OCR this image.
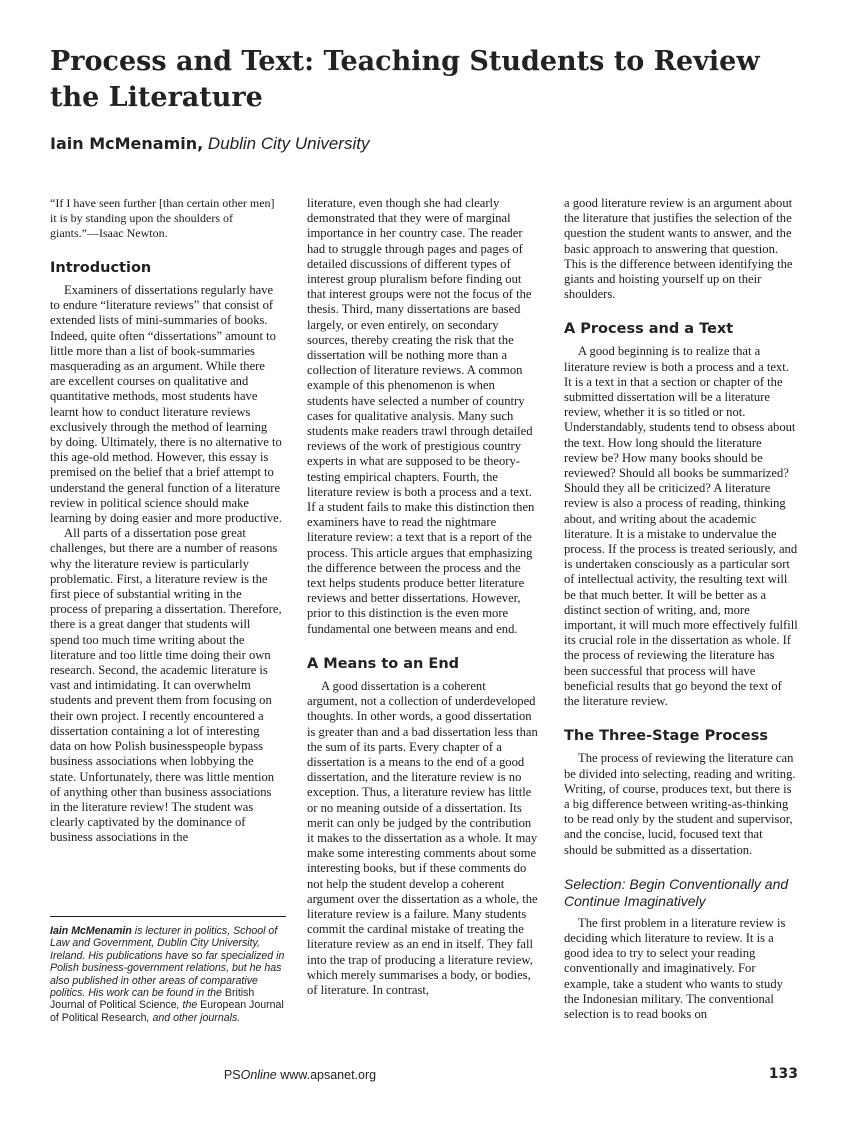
Process and Text: Teaching Students to Review the Literature
Iain McMenamin, Dublin City University

“If I have seen further [than certain other men] it is by standing upon the shoulders of giants.”—Isaac Newton.

Introduction

Examiners of dissertations regularly have to endure “literature reviews” that consist of extended lists of mini-summaries of books. Indeed, quite often “dissertations” amount to little more than a list of book-summaries masquerading as an argument. While there are excellent courses on qualitative and quantitative methods, most students have learnt how to conduct literature reviews exclusively through the method of learning by doing. Ultimately, there is no alternative to this age-old method. However, this essay is premised on the belief that a brief attempt to understand the general function of a literature review in political science should make learning by doing easier and more productive.

All parts of a dissertation pose great challenges, but there are a number of reasons why the literature review is particularly problematic. First, a literature review is the first piece of substantial writing in the process of preparing a dissertation. Therefore, there is a great danger that students will spend too much time writing about the literature and too little time doing their own research. Second, the academic literature is vast and intimidating. It can overwhelm students and prevent them from focusing on their own project. I recently encountered a dissertation containing a lot of interesting data on how Polish businesspeople bypass business associations when lobbying the state. Unfortunately, there was little mention of anything other than business associations in the literature review! The student was clearly captivated by the dominance of business associations in the

literature, even though she had clearly demonstrated that they were of marginal importance in her country case. The reader had to struggle through pages and pages of detailed discussions of different types of interest group pluralism before finding out that interest groups were not the focus of the thesis. Third, many dissertations are based largely, or even entirely, on secondary sources, thereby creating the risk that the dissertation will be nothing more than a collection of literature reviews. A common example of this phenomenon is when students have selected a number of country cases for qualitative analysis. Many such students make readers trawl through detailed reviews of the work of prestigious country experts in what are supposed to be theory-testing empirical chapters. Fourth, the literature review is both a process and a text. If a student fails to make this distinction then examiners have to read the nightmare literature review: a text that is a report of the process. This article argues that emphasizing the difference between the process and the text helps students produce better literature reviews and better dissertations. However, prior to this distinction is the even more fundamental one between means and end.

A Means to an End

A good dissertation is a coherent argument, not a collection of underdeveloped thoughts. In other words, a good dissertation is greater than and a bad dissertation less than the sum of its parts. Every chapter of a dissertation is a means to the end of a good dissertation, and the literature review is no exception. Thus, a literature review has little or no meaning outside of a dissertation. Its merit can only be judged by the contribution it makes to the dissertation as a whole. It may make some interesting comments about some interesting books, but if these comments do not help the student develop a coherent argument over the dissertation as a whole, the literature review is a failure. Many students commit the cardinal mistake of treating the literature review as an end in itself. They fall into the trap of producing a literature review, which merely summarises a body, or bodies, of literature. In contrast,

a good literature review is an argument about the literature that justifies the selection of the question the student wants to answer, and the basic approach to answering that question. This is the difference between identifying the giants and hoisting yourself up on their shoulders.

A Process and a Text

A good beginning is to realize that a literature review is both a process and a text. It is a text in that a section or chapter of the submitted dissertation will be a literature review, whether it is so titled or not. Understandably, students tend to obsess about the text. How long should the literature review be? How many books should be reviewed? Should all books be summarized? Should they all be criticized? A literature review is also a process of reading, thinking about, and writing about the academic literature. It is a mistake to undervalue the process. If the process is treated seriously, and is undertaken consciously as a particular sort of intellectual activity, the resulting text will be that much better. It will be better as a distinct section of writing, and, more important, it will much more effectively fulfill its crucial role in the dissertation as whole. If the process of reviewing the literature has been successful that process will have beneficial results that go beyond the text of the literature review.

The Three-Stage Process

The process of reviewing the literature can be divided into selecting, reading and writing. Writing, of course, produces text, but there is a big difference between writing-as-thinking to be read only by the student and supervisor, and the concise, lucid, focused text that should be submitted as a dissertation.

Selection: Begin Conventionally and Continue Imaginatively

The first problem in a literature review is deciding which literature to review. It is a good idea to try to select your reading conventionally and imaginatively. For example, take a student who wants to study the Indonesian military. The conventional selection is to read books on

Iain McMenamin is lecturer in politics, School of Law and Government, Dublin City University, Ireland. His publications have so far specialized in Polish business-government relations, but he has also published in other areas of comparative politics. His work can be found in the British Journal of Political Science, the European Journal of Political Research, and other journals.
PSOnline www.apsanet.org	133
